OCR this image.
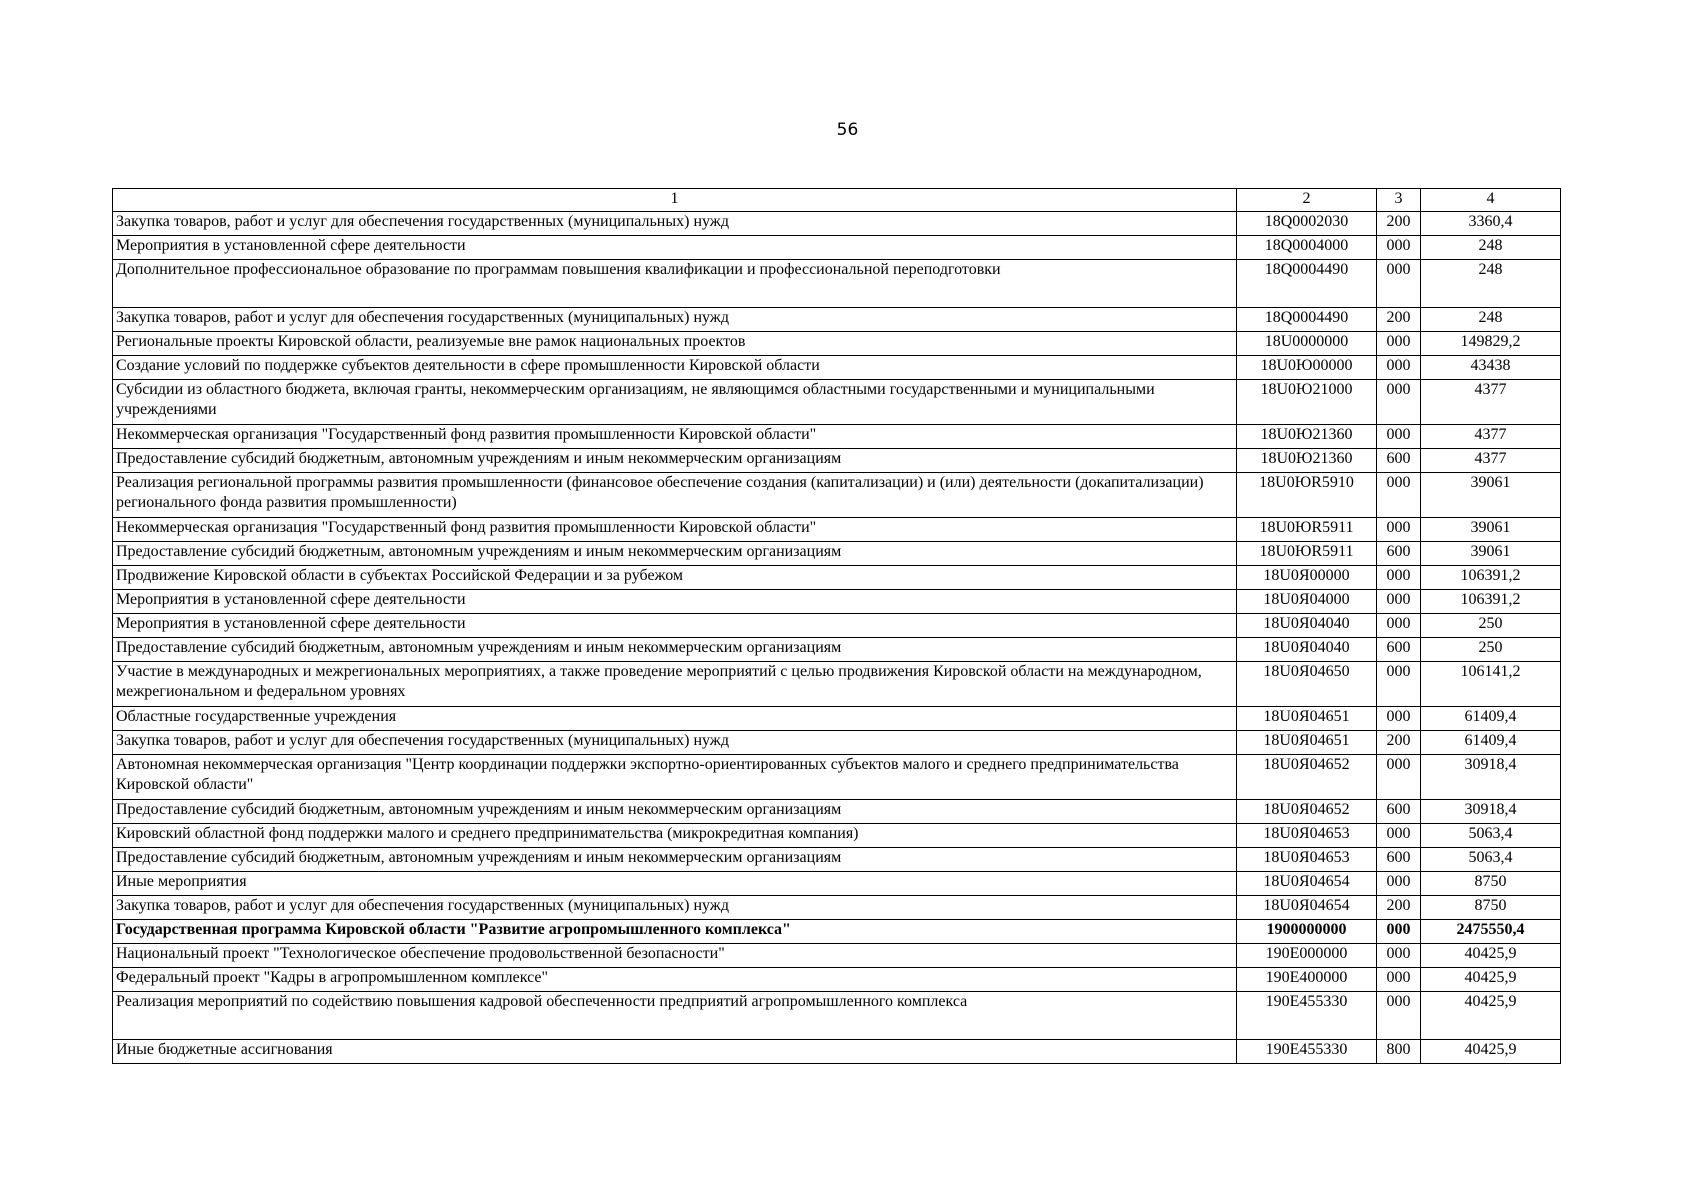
56
1	2	3	4
Закупка товаров, работ и услуг для обеспечения государственных (муниципальных) нужд	18Q0002030	200	3360,4
Мероприятия в установленной сфере деятельности	18Q0004000	000	248
Дополнительное профессиональное образование по программам повышения квалификации и профессиональной переподготовки	18Q0004490	000	248
Закупка товаров, работ и услуг для обеспечения государственных (муниципальных) нужд	18Q0004490	200	248
Региональные проекты Кировской области, реализуемые вне рамок национальных проектов	18U0000000	000	149829,2
Создание условий по поддержке субъектов деятельности в сфере промышленности Кировской области	18U0Ю00000	000	43438
Субсидии из областного бюджета, включая гранты, некоммерческим организациям, не являющимся областными государственными и муниципальными учреждениями	18U0Ю21000	000	4377
Некоммерческая организация "Государственный фонд развития промышленности Кировской области"	18U0Ю21360	000	4377
Предоставление субсидий бюджетным, автономным учреждениям и иным некоммерческим организациям	18U0Ю21360	600	4377
Реализация региональной программы развития промышленности (финансовое обеспечение создания (капитализации) и (или) деятельности (докапитализации) регионального фонда развития промышленности)	18U0ЮR5910	000	39061
Некоммерческая организация "Государственный фонд развития промышленности Кировской области"	18U0ЮR5911	000	39061
Предоставление субсидий бюджетным, автономным учреждениям и иным некоммерческим организациям	18U0ЮR5911	600	39061
Продвижение Кировской области в субъектах Российской Федерации и за рубежом	18U0Я00000	000	106391,2
Мероприятия в установленной сфере деятельности	18U0Я04000	000	106391,2
Мероприятия в установленной сфере деятельности	18U0Я04040	000	250
Предоставление субсидий бюджетным, автономным учреждениям и иным некоммерческим организациям	18U0Я04040	600	250
Участие в международных и межрегиональных мероприятиях, а также проведение мероприятий с целью продвижения Кировской области на международном, межрегиональном и федеральном уровнях	18U0Я04650	000	106141,2
Областные государственные учреждения	18U0Я04651	000	61409,4
Закупка товаров, работ и услуг для обеспечения государственных (муниципальных) нужд	18U0Я04651	200	61409,4
Автономная некоммерческая организация "Центр координации поддержки экспортно-ориентированных субъектов малого и среднего предпринимательства Кировской области"	18U0Я04652	000	30918,4
Предоставление субсидий бюджетным, автономным учреждениям и иным некоммерческим организациям	18U0Я04652	600	30918,4
Кировский областной фонд поддержки малого и среднего предпринимательства (микрокредитная компания)	18U0Я04653	000	5063,4
Предоставление субсидий бюджетным, автономным учреждениям и иным некоммерческим организациям	18U0Я04653	600	5063,4
Иные мероприятия	18U0Я04654	000	8750
Закупка товаров, работ и услуг для обеспечения государственных (муниципальных) нужд	18U0Я04654	200	8750
Государственная программа Кировской области "Развитие агропромышленного комплекса"	1900000000	000	2475550,4
Национальный проект "Технологическое обеспечение продовольственной безопасности"	190E000000	000	40425,9
Федеральный проект "Кадры в агропромышленном комплексе"	190E400000	000	40425,9
Реализация мероприятий по содействию повышения кадровой обеспеченности предприятий агропромышленного комплекса	190E455330	000	40425,9
Иные бюджетные ассигнования	190E455330	800	40425,9
